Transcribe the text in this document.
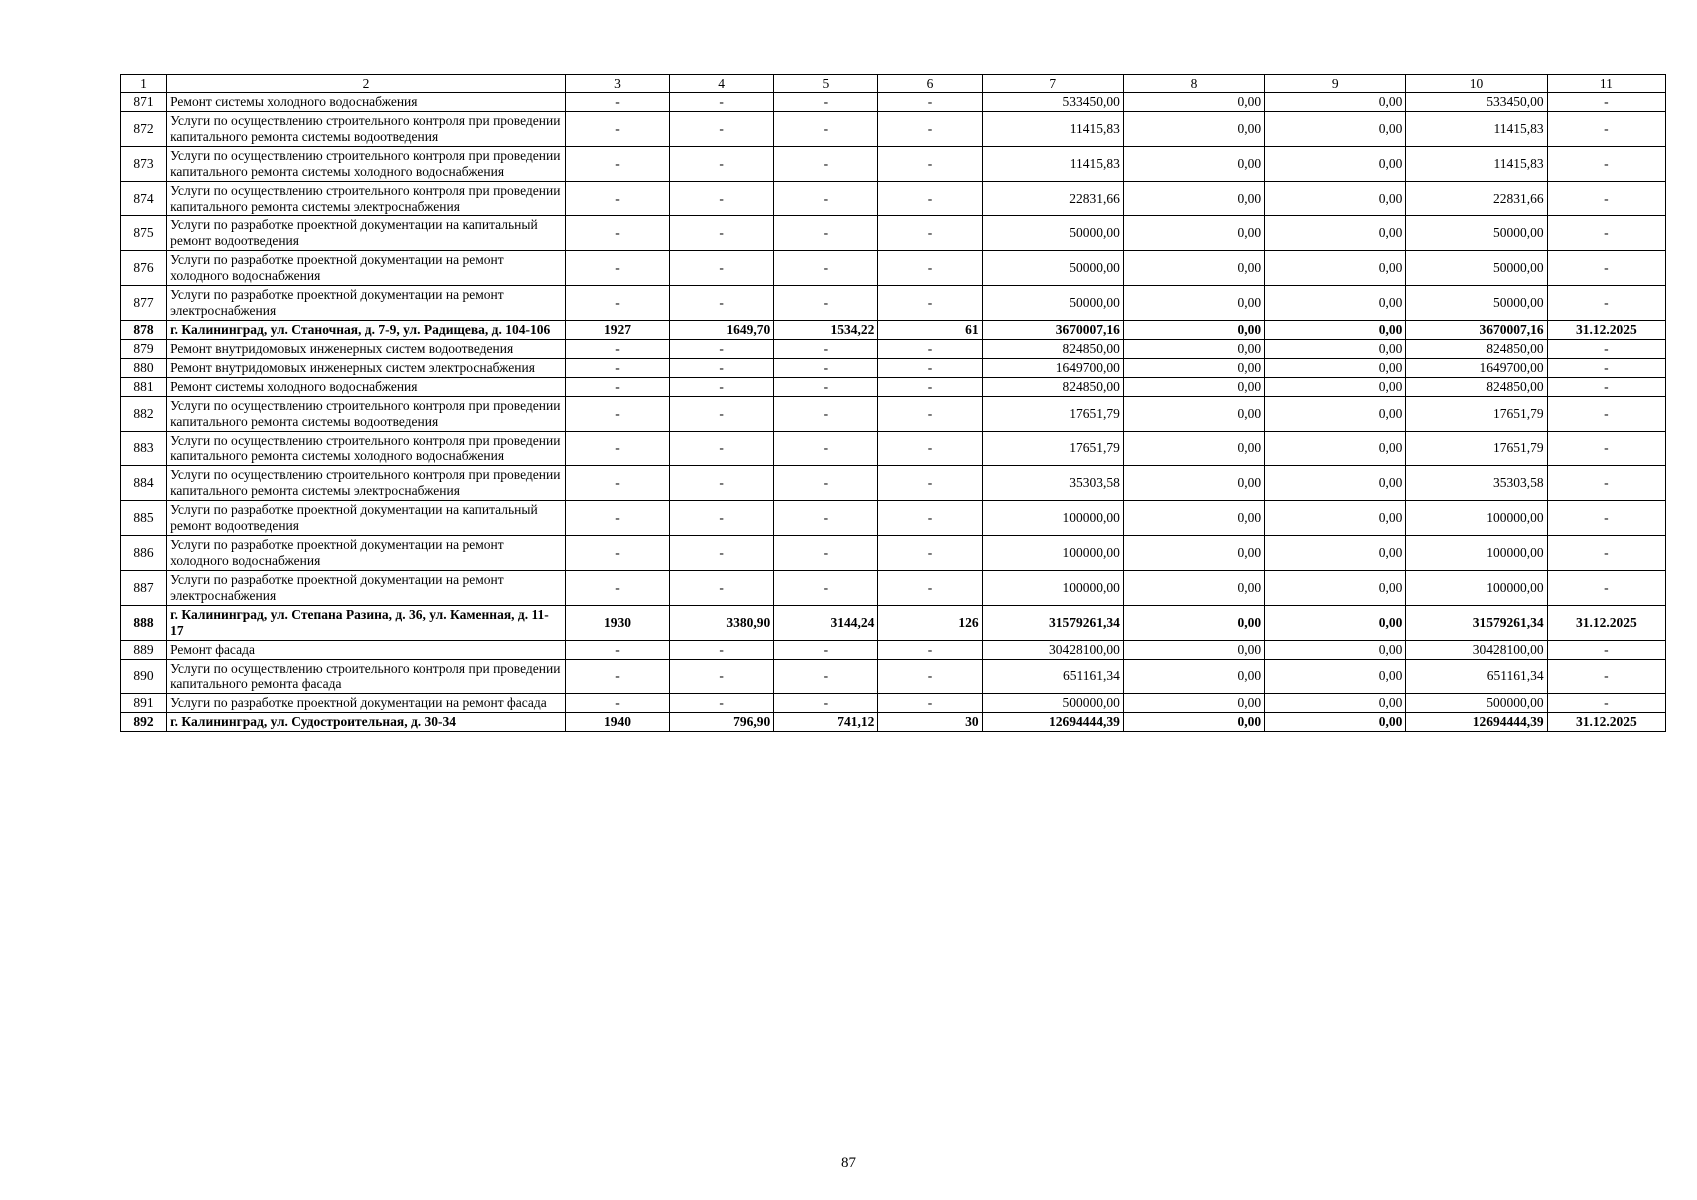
1	2	3	4	5	6	7	8	9	10	11
871	Ремонт системы холодного водоснабжения	-	-	-	-	533450,00	0,00	0,00	533450,00	-
872	Услуги по осуществлению строительного контроля при проведении капитального ремонта системы водоотведения	-	-	-	-	11415,83	0,00	0,00	11415,83	-
873	Услуги по осуществлению строительного контроля при проведении капитального ремонта системы холодного водоснабжения	-	-	-	-	11415,83	0,00	0,00	11415,83	-
874	Услуги по осуществлению строительного контроля при проведении капитального ремонта системы электроснабжения	-	-	-	-	22831,66	0,00	0,00	22831,66	-
875	Услуги по разработке проектной документации на капитальный ремонт водоотведения	-	-	-	-	50000,00	0,00	0,00	50000,00	-
876	Услуги по разработке проектной документации на ремонт холодного водоснабжения	-	-	-	-	50000,00	0,00	0,00	50000,00	-
877	Услуги по разработке проектной документации на ремонт электроснабжения	-	-	-	-	50000,00	0,00	0,00	50000,00	-
878	г. Калининград, ул. Станочная, д. 7-9, ул. Радищева, д. 104-106	1927	1649,70	1534,22	61	3670007,16	0,00	0,00	3670007,16	31.12.2025
879	Ремонт внутридомовых инженерных систем водоотведения	-	-	-	-	824850,00	0,00	0,00	824850,00	-
880	Ремонт внутридомовых инженерных систем электроснабжения	-	-	-	-	1649700,00	0,00	0,00	1649700,00	-
881	Ремонт системы холодного водоснабжения	-	-	-	-	824850,00	0,00	0,00	824850,00	-
882	Услуги по осуществлению строительного контроля при проведении капитального ремонта системы водоотведения	-	-	-	-	17651,79	0,00	0,00	17651,79	-
883	Услуги по осуществлению строительного контроля при проведении капитального ремонта системы холодного водоснабжения	-	-	-	-	17651,79	0,00	0,00	17651,79	-
884	Услуги по осуществлению строительного контроля при проведении капитального ремонта системы электроснабжения	-	-	-	-	35303,58	0,00	0,00	35303,58	-
885	Услуги по разработке проектной документации на капитальный ремонт водоотведения	-	-	-	-	100000,00	0,00	0,00	100000,00	-
886	Услуги по разработке проектной документации на ремонт холодного водоснабжения	-	-	-	-	100000,00	0,00	0,00	100000,00	-
887	Услуги по разработке проектной документации на ремонт электроснабжения	-	-	-	-	100000,00	0,00	0,00	100000,00	-
888	г. Калининград, ул. Степана Разина, д. 36, ул. Каменная, д. 11-17	1930	3380,90	3144,24	126	31579261,34	0,00	0,00	31579261,34	31.12.2025
889	Ремонт фасада	-	-	-	-	30428100,00	0,00	0,00	30428100,00	-
890	Услуги по осуществлению строительного контроля при проведении капитального ремонта фасада	-	-	-	-	651161,34	0,00	0,00	651161,34	-
891	Услуги по разработке проектной документации на ремонт фасада	-	-	-	-	500000,00	0,00	0,00	500000,00	-
892	г. Калининград, ул. Судостроительная, д. 30-34	1940	796,90	741,12	30	12694444,39	0,00	0,00	12694444,39	31.12.2025
87
